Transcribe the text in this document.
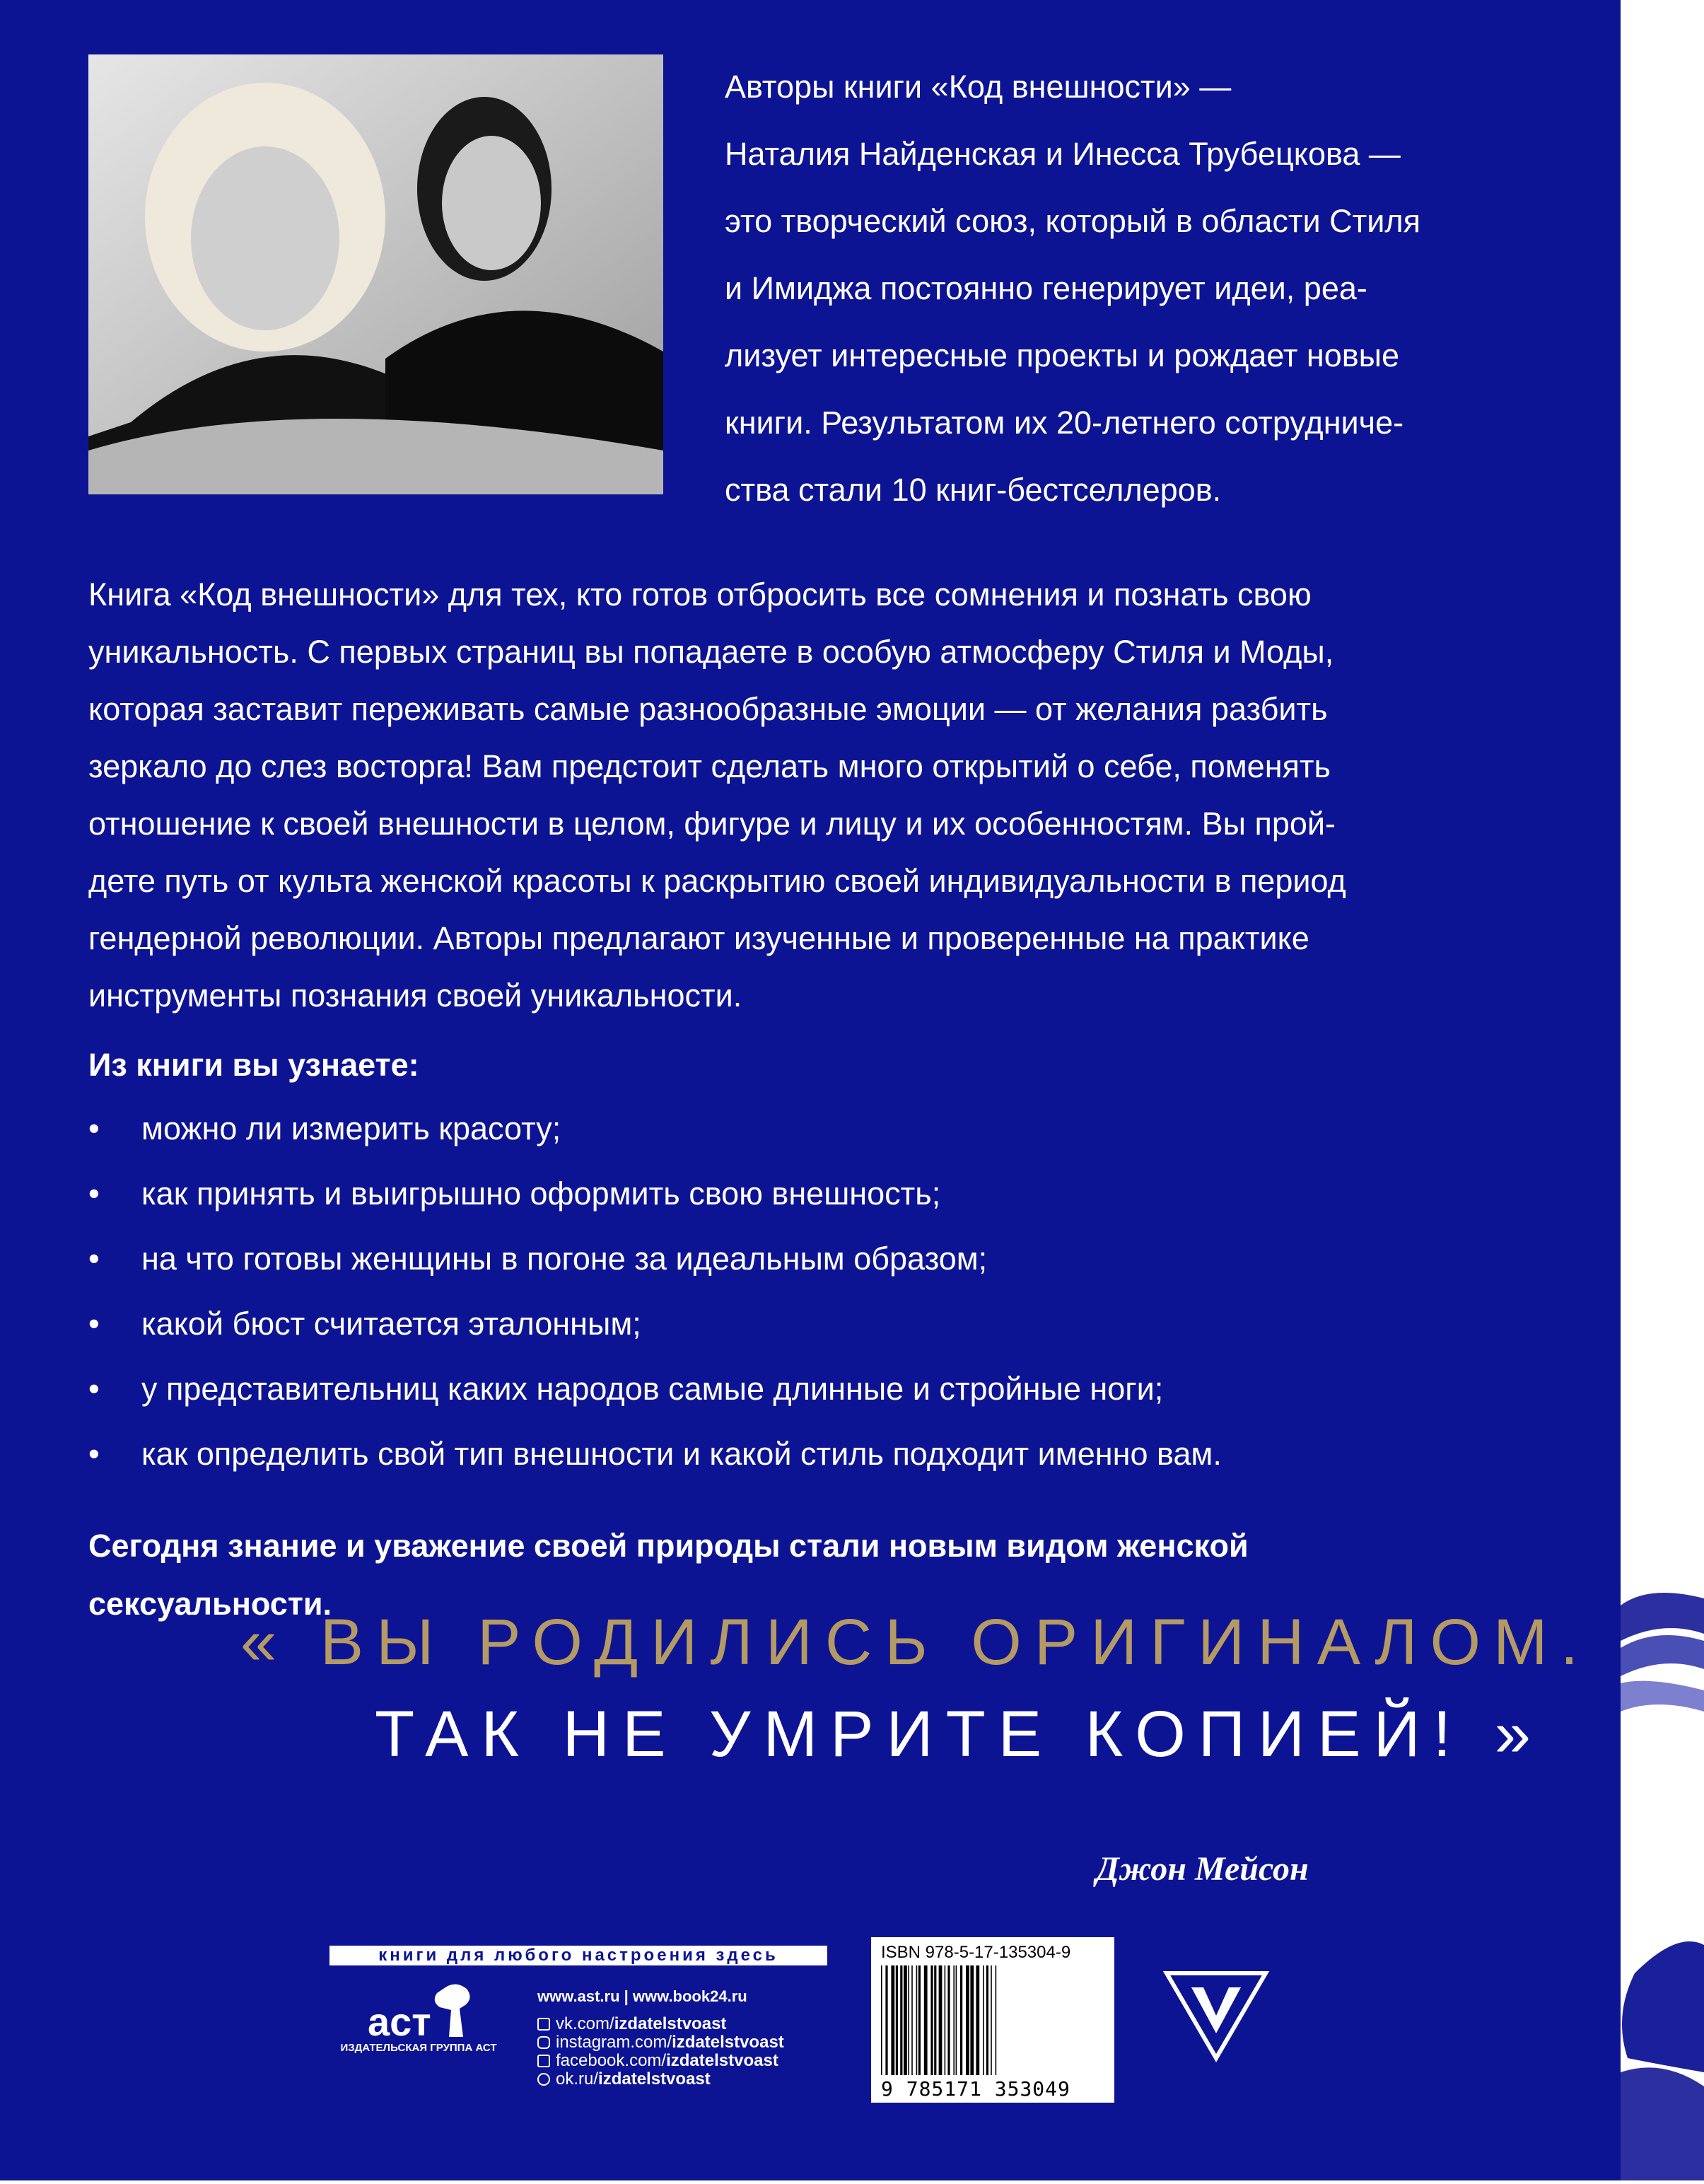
Авторы книги «Код внешности» —

Наталия Найденская и Инесса Трубецкова —

это творческий союз, который в области Стиля

и Имиджа постоянно генерирует идеи, реа-

лизует интересные проекты и рождает новые

книги. Результатом их 20-летнего сотрудниче-

ства стали 10 книг-бестселлеров.

Книга «Код внешности» для тех, кто готов отбросить все сомнения и познать свою

уникальность. С первых страниц вы попадаете в особую атмосферу Стиля и Моды,

которая заставит переживать самые разнообразные эмоции — от желания разбить

зеркало до слез восторга! Вам предстоит сделать много открытий о себе, поменять

отношение к своей внешности в целом, фигуре и лицу и их особенностям. Вы прой-

дете путь от культа женской красоты к раскрытию своей индивидуальности в период

гендерной революции. Авторы предлагают изученные и проверенные на практике

инструменты познания своей уникальности.

Из книги вы узнаете:
• можно ли измерить красоту;
• как принять и выигрышно оформить свою внешность;
• на что готовы женщины в погоне за идеальным образом;
• какой бюст считается эталонным;
• у представительниц каких народов самые длинные и стройные ноги;
• как определить свой тип внешности и какой стиль подходит именно вам.

Сегодня знание и уважение своей природы стали новым видом женской

сексуальности.

« ВЫ РОДИЛИСЬ ОРИГИНАЛОМ.
ТАК НЕ УМРИТЕ КОПИЕЙ! »
Джон Мейсон
книги для любого настроения здесь
аст
ИЗДАТЕЛЬСКАЯ ГРУППА АСТ
www.ast.ru | www.book24.ru
vk.com/ izdatelstvoast
instagram.com/ izdatelstvoast
facebook.com/ izdatelstvoast
ok.ru/ izdatelstvoast
ISBN 978-5-17-135304-9
9 785171 353049
